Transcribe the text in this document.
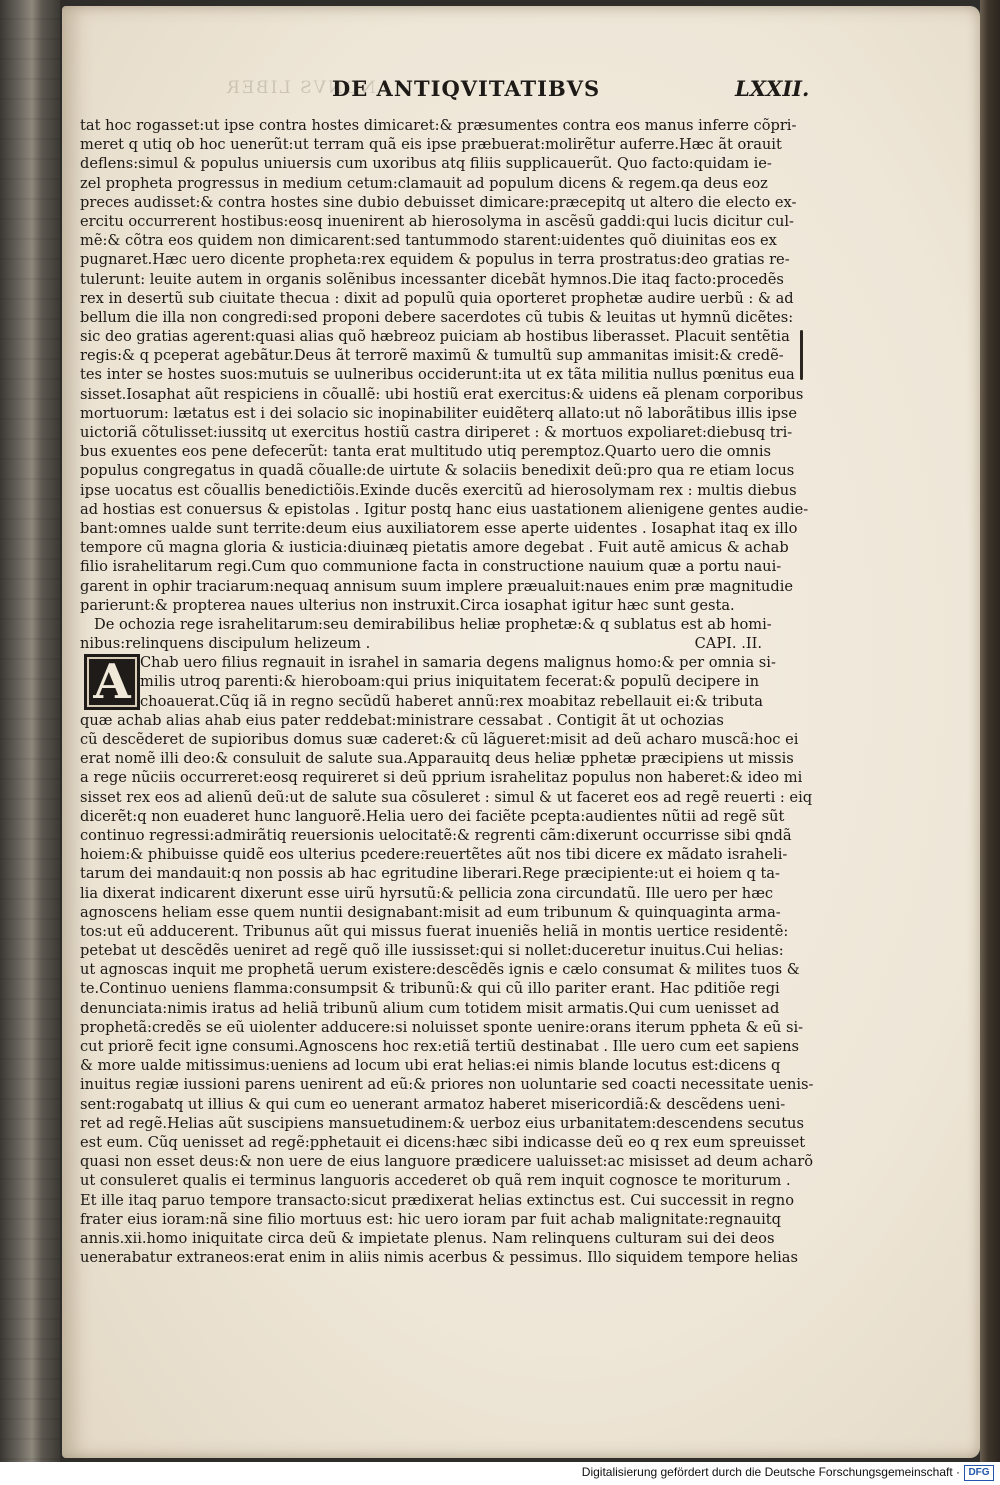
NONVS LIBER
DE ANTIQVITATIBVS	LXXII.
tat hoc rogasset:ut ipse contra hostes dimicaret:& præsumentes contra eos manus inferre cõpri-
meret q utiq ob hoc uenerũt:ut terram quã eis ipse præbuerat:molirẽtur auferre.Hæc ãt orauit
deflens:simul & populus uniuersis cum uxoribus atq filiis supplicauerũt. Quo facto:quidam ie-
zel propheta progressus in medium cetum:clamauit ad populum dicens & regem.qa deus eoz
preces audisset:& contra hostes sine dubio debuisset dimicare:præcepitq ut altero die electo ex-
ercitu occurrerent hostibus:eosq inuenirent ab hierosolyma in ascẽsũ gaddi:qui lucis dicitur cul-
mẽ:& cõtra eos quidem non dimicarent:sed tantummodo starent:uidentes quõ diuinitas eos ex
pugnaret.Hæc uero dicente propheta:rex equidem & populus in terra prostratus:deo gratias re-
tulerunt: leuite autem in organis solẽnibus incessanter dicebãt hymnos.Die itaq facto:procedẽs
rex in desertũ sub ciuitate thecua : dixit ad populũ quia oporteret prophetæ audire uerbũ : & ad
bellum die illa non congredi:sed proponi debere sacerdotes cũ tubis & leuitas ut hymnũ dicẽtes:
sic deo gratias agerent:quasi alias quõ hæbreoz puiciam ab hostibus liberasset. Placuit sentẽtia
regis:& q pceperat agebãtur.Deus ãt terrorẽ maximũ & tumultũ sup ammanitas imisit:& credẽ-
tes inter se hostes suos:mutuis se uulneribus occiderunt:ita ut ex tãta militia nullus pœnitus eua
sisset.Iosaphat aũt respiciens in cõuallẽ: ubi hostiũ erat exercitus:& uidens eã plenam corporibus
mortuorum: lætatus est i dei solacio sic inopinabiliter euidẽterq allato:ut nõ laborãtibus illis ipse
uictoriã cõtulisset:iussitq ut exercitus hostiũ castra diriperet : & mortuos expoliaret:diebusq tri-
bus exuentes eos pene defecerũt: tanta erat multitudo utiq peremptoz.Quarto uero die omnis
populus congregatus in quadã cõualle:de uirtute & solaciis benedixit deũ:pro qua re etiam locus
ipse uocatus est cõuallis benedictiõis.Exinde ducẽs exercitũ ad hierosolymam rex : multis diebus
ad hostias est conuersus & epistolas . Igitur postq hanc eius uastationem alienigene gentes audie-
bant:omnes ualde sunt territe:deum eius auxiliatorem esse aperte uidentes . Iosaphat itaq ex illo
tempore cũ magna gloria & iusticia:diuinæq pietatis amore degebat . Fuit autẽ amicus & achab
filio israhelitarum regi.Cum quo communione facta in constructione nauium quæ a portu naui-
garent in ophir traciarum:nequaq annisum suum implere præualuit:naues enim præ magnitudie
parierunt:& propterea naues ulterius non instruxit.Circa iosaphat igitur hæc sunt gesta.
De ochozia rege israhelitarum:seu demirabilibus heliæ prophetæ:& q sublatus est ab homi-
nibus:relinquens discipulum helizeum .	CAPI. .II.
Chab uero filius regnauit in israhel in samaria degens malignus homo:& per omnia si-
milis utroq parenti:& hieroboam:qui prius iniquitatem fecerat:& populũ decipere in
choauerat.Cũq iã in regno secũdũ haberet annũ:rex moabitaz rebellauit ei:& tributa
quæ achab alias ahab eius pater reddebat:ministrare cessabat . Contigit ãt ut ochozias
cũ descẽderet de supioribus domus suæ caderet:& cũ lãgueret:misit ad deũ acharo muscã:hoc ei
erat nomẽ illi deo:& consuluit de salute sua.Apparauitq deus heliæ pphetæ præcipiens ut missis
a rege nũciis occurreret:eosq requireret si deũ pprium israhelitaz populus non haberet:& ideo mi
sisset rex eos ad alienũ deũ:ut de salute sua cõsuleret : simul & ut faceret eos ad regẽ reuerti : eiq
dicerẽt:q non euaderet hunc languorẽ.Helia uero dei faciẽte pcepta:audientes nũtii ad regẽ sũt
continuo regressi:admirãtiq reuersionis uelocitatẽ:& regrenti cãm:dixerunt occurrisse sibi qndã
hoiem:& phibuisse quidẽ eos ulterius pcedere:reuertẽtes aũt nos tibi dicere ex mãdato israheli-
tarum dei mandauit:q non possis ab hac egritudine liberari.Rege præcipiente:ut ei hoiem q ta-
lia dixerat indicarent dixerunt esse uirũ hyrsutũ:& pellicia zona circundatũ. Ille uero per hæc
agnoscens heliam esse quem nuntii designabant:misit ad eum tribunum & quinquaginta arma-
tos:ut eũ adducerent. Tribunus aũt qui missus fuerat inueniẽs heliã in montis uertice residentẽ:
petebat ut descẽdẽs ueniret ad regẽ quõ ille iussisset:qui si nollet:duceretur inuitus.Cui helias:
ut agnoscas inquit me prophetã uerum existere:descẽdẽs ignis e cælo consumat & milites tuos &
te.Continuo ueniens flamma:consumpsit & tribunũ:& qui cũ illo pariter erant. Hac pditiõe regi
denunciata:nimis iratus ad heliã tribunũ alium cum totidem misit armatis.Qui cum uenisset ad
prophetã:credẽs se eũ uiolenter adducere:si noluisset sponte uenire:orans iterum ppheta & eũ si-
cut priorẽ fecit igne consumi.Agnoscens hoc rex:etiã tertiũ destinabat . Ille uero cum eet sapiens
& more ualde mitissimus:ueniens ad locum ubi erat helias:ei nimis blande locutus est:dicens q
inuitus regiæ iussioni parens uenirent ad eũ:& priores non uoluntarie sed coacti necessitate uenis-
sent:rogabatq ut illius & qui cum eo uenerant armatoz haberet misericordiã:& descẽdens ueni-
ret ad regẽ.Helias aũt suscipiens mansuetudinem:& uerboz eius urbanitatem:descendens secutus
est eum. Cũq uenisset ad regẽ:pphetauit ei dicens:hæc sibi indicasse deũ eo q rex eum spreuisset
quasi non esset deus:& non uere de eius languore prædicere ualuisset:ac misisset ad deum acharõ
ut consuleret qualis ei terminus languoris accederet ob quã rem inquit cognosce te moriturum .
Et ille itaq paruo tempore transacto:sicut prædixerat helias extinctus est. Cui successit in regno
frater eius ioram:nã sine filio mortuus est: hic uero ioram par fuit achab malignitate:regnauitq
annis.xii.homo iniquitate circa deũ & impietate plenus. Nam relinquens culturam sui dei deos
uenerabatur extraneos:erat enim in aliis nimis acerbus & pessimus. Illo siquidem tempore helias
A
Digitalisierung gefördert durch die Deutsche Forschungsgemeinschaft · DFG
